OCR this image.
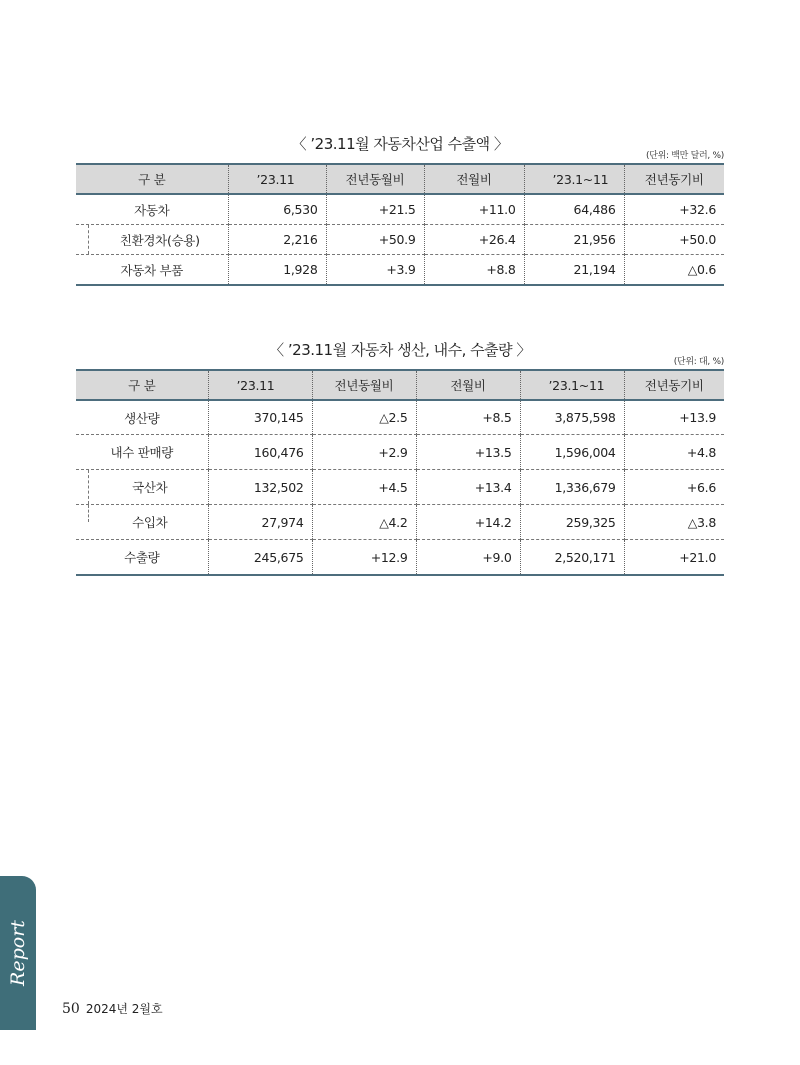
〈 ’23.11월 자동차산업 수출액 〉
(단위: 백만 달러, %)
구 분	’23.11	전년동월비	전월비	’23.1~11	전년동기비
자동차	6,530	+21.5	+11.0	64,486	+32.6

친환경차(승용)	2,216	+50.9	+26.4	21,956	+50.0
자동차 부품	1,928	+3.9	+8.8	21,194	△0.6
〈 ’23.11월 자동차 생산, 내수, 수출량 〉
(단위: 대, %)
구 분	’23.11	전년동월비	전월비	’23.1~11	전년동기비
생산량	370,145	△2.5	+8.5	3,875,598	+13.9
내수 판매량	160,476	+2.9	+13.5	1,596,004	+4.8

국산차	132,502	+4.5	+13.4	1,336,679	+6.6

수입차	27,974	△4.2	+14.2	259,325	△3.8
수출량	245,675	+12.9	+9.0	2,520,171	+21.0
Report
50 2024년 2월호
